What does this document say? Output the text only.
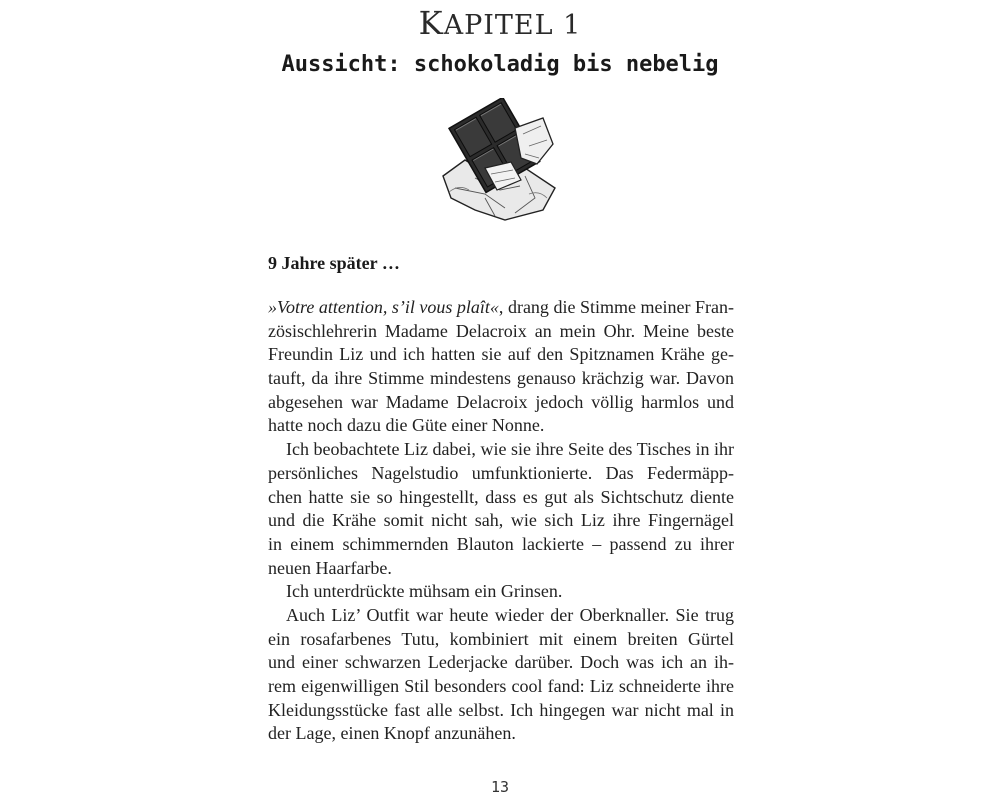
KAPITEL 1
Aussicht: schokoladig bis nebelig
9 Jahre später …
»Votre attention, s’il vous plaît«, drang die Stimme meiner Fran-
zösischlehrerin Madame Delacroix an mein Ohr. Meine beste
Freundin Liz und ich hatten sie auf den Spitznamen Krähe ge-
tauft, da ihre Stimme mindestens genauso krächzig war. Davon
abgesehen war Madame Delacroix jedoch völlig harmlos und
hatte noch dazu die Güte einer Nonne.
Ich beobachtete Liz dabei, wie sie ihre Seite des Tisches in ihr
persönliches Nagelstudio umfunktionierte. Das Federmäpp-
chen hatte sie so hingestellt, dass es gut als Sichtschutz diente
und die Krähe somit nicht sah, wie sich Liz ihre Fingernägel
in einem schimmernden Blauton lackierte – passend zu ihrer
neuen Haarfarbe.
Ich unterdrückte mühsam ein Grinsen.
Auch Liz’ Outfit war heute wieder der Oberknaller. Sie trug
ein rosafarbenes Tutu, kombiniert mit einem breiten Gürtel
und einer schwarzen Lederjacke darüber. Doch was ich an ih-
rem eigenwilligen Stil besonders cool fand: Liz schneiderte ihre
Kleidungsstücke fast alle selbst. Ich hingegen war nicht mal in
der Lage, einen Knopf anzunähen.
13
